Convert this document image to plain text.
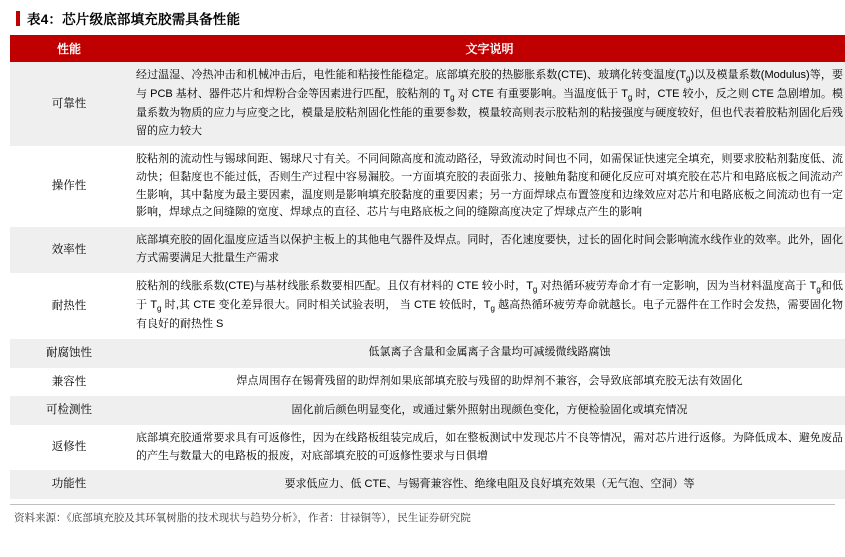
表4：芯片级底部填充胶需具备性能
性能	文字说明
可靠性	经过温湿、冷热冲击和机械冲击后，电性能和粘接性能稳定。底部填充胶的热膨胀系数(CTE)、玻璃化转变温度$(T_g)$以及模量系数(Modulus)等，要与 PCB 基材、器件芯片和焊粉合金等因素进行匹配，胶粘剂的 $T_g$ 对 CTE 有重要影响。当温度低于 $T_g$ 时，CTE 较小，反之则 CTE 急剧增加。模量系数为物质的应力与应变之比，模量是胶粘剂固化性能的重要参数，模量较高则表示胶粘剂的粘接强度与硬度较好，但也代表着胶粘剂固化后残留的应力较大
操作性	胶粘剂的流动性与锡球间距、锡球尺寸有关。不同间隙高度和流动路径，导致流动时间也不同，如需保证快速完全填充，则要求胶粘剂黏度低、流动快；但黏度也不能过低，否则生产过程中容易漏胶。一方面填充胶的表面张力、接触角黏度和硬化反应可对填充胶在芯片和电路底板之间流动产生影响，其中黏度为最主要因素，温度则是影响填充胶黏度的重要因素；另一方面焊球点布置签度和边缘效应对芯片和电路底板之间流动也有一定影响，焊球点之间缝隙的宽度、焊球点的直径、芯片与电路底板之间的缝隙高度决定了焊球点产生的影响
效率性	底部填充胶的固化温度应适当以保护主板上的其他电气器件及焊点。同时，否化速度要快，过长的固化时间会影响流水线作业的效率。此外，固化方式需要满足大批量生产需求
耐热性	胶粘剂的线胀系数(CTE)与基材线胀系数要相匹配。且仅有材料的 CTE 较小时，$T_g$ 对热循环疲劳寿命才有一定影响，因为当材料温度高于 $T_g$和低于 $T_g$ 时,其 CTE 变化差异很大。同时相关试验表明， 当 CTE 较低时，$T_g$ 越高热循环疲劳寿命就越长。电子元器件在工作时会发热，需要固化物有良好的耐热性 S
耐腐蚀性	低氯离子含量和金属离子含量均可减缓微线路腐蚀
兼容性	焊点周围存在锡膏残留的助焊剂如果底部填充胶与残留的助焊剂不兼容，会导致底部填充胶无法有效固化
可检测性	固化前后颜色明显变化，或通过紫外照射出现颜色变化，方便检验固化或填充情况
返修性	底部填充胶通常要求具有可返修性，因为在线路板组装完成后，如在整板测试中发现芯片不良等情况，需对芯片进行返修。为降低成本、避免废品的产生与数量大的电路板的报废，对底部填充胶的可返修性要求与日俱增
功能性	要求低应力、低 CTE、与锡膏兼容性、绝缘电阻及良好填充效果（无气泡、空洞）等
资料来源：《底部填充胶及其环氧树脂的技术现状与趋势分析》，作者：甘禄铜等），民生证券研究院
